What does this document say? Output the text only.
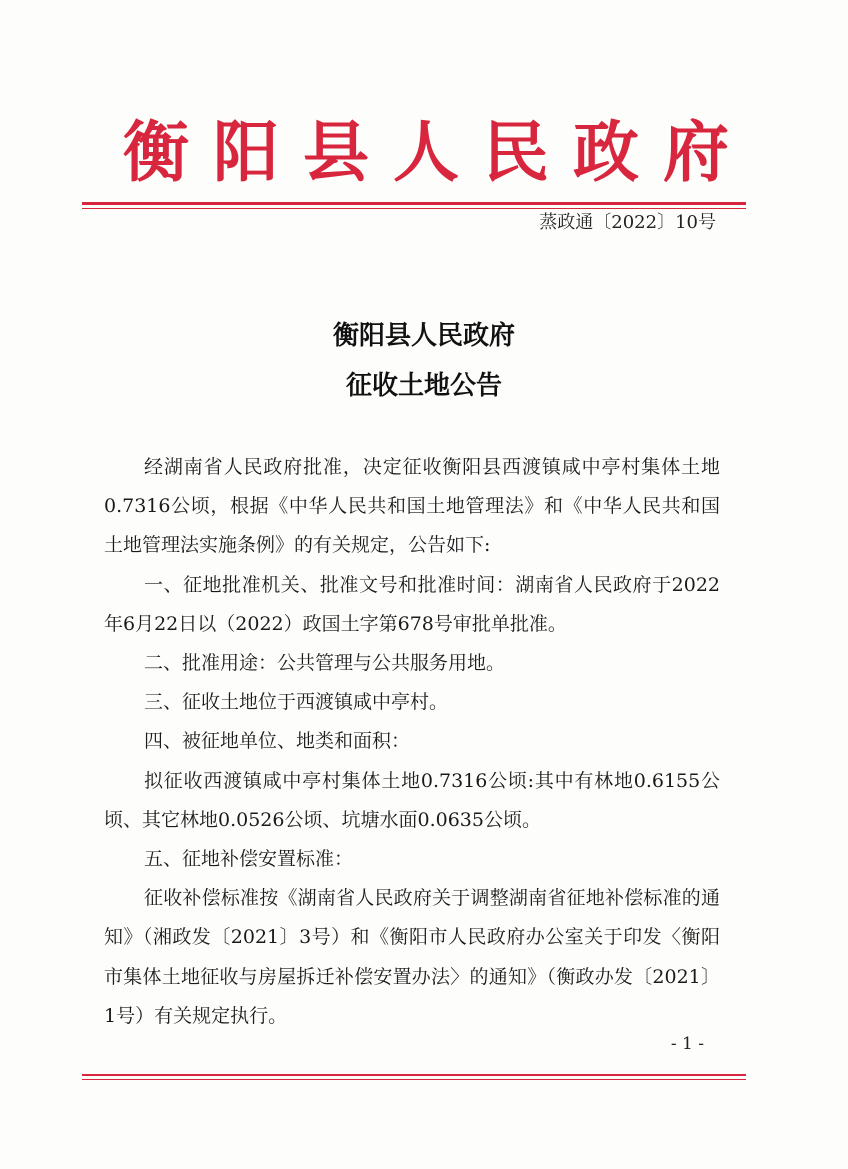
衡阳县人民政府
蒸政通〔2022〕10号
衡阳县人民政府
征收土地公告

经湖南省人民政府批准，决定征收衡阳县西渡镇咸中亭村集体土地0.7316公顷，根据《中华人民共和国土地管理法》和《中华人民共和国土地管理法实施条例》的有关规定，公告如下:

一、征地批准机关、批准文号和批准时间：湖南省人民政府于2022年6月22日以（2022）政国土字第678号审批单批准。

二、批准用途：公共管理与公共服务用地。

三、征收土地位于西渡镇咸中亭村。

四、被征地单位、地类和面积：

拟征收西渡镇咸中亭村集体土地0.7316公顷:其中有林地0.6155公顷、其它林地0.0526公顷、坑塘水面0.0635公顷。

五、征地补偿安置标准：

征收补偿标准按《湖南省人民政府关于调整湖南省征地补偿标准的通知》（湘政发〔2021〕3号）和《衡阳市人民政府办公室关于印发〈衡阳市集体土地征收与房屋拆迁补偿安置办法〉的通知》（衡政办发〔2021〕1号）有关规定执行。

- 1 -
